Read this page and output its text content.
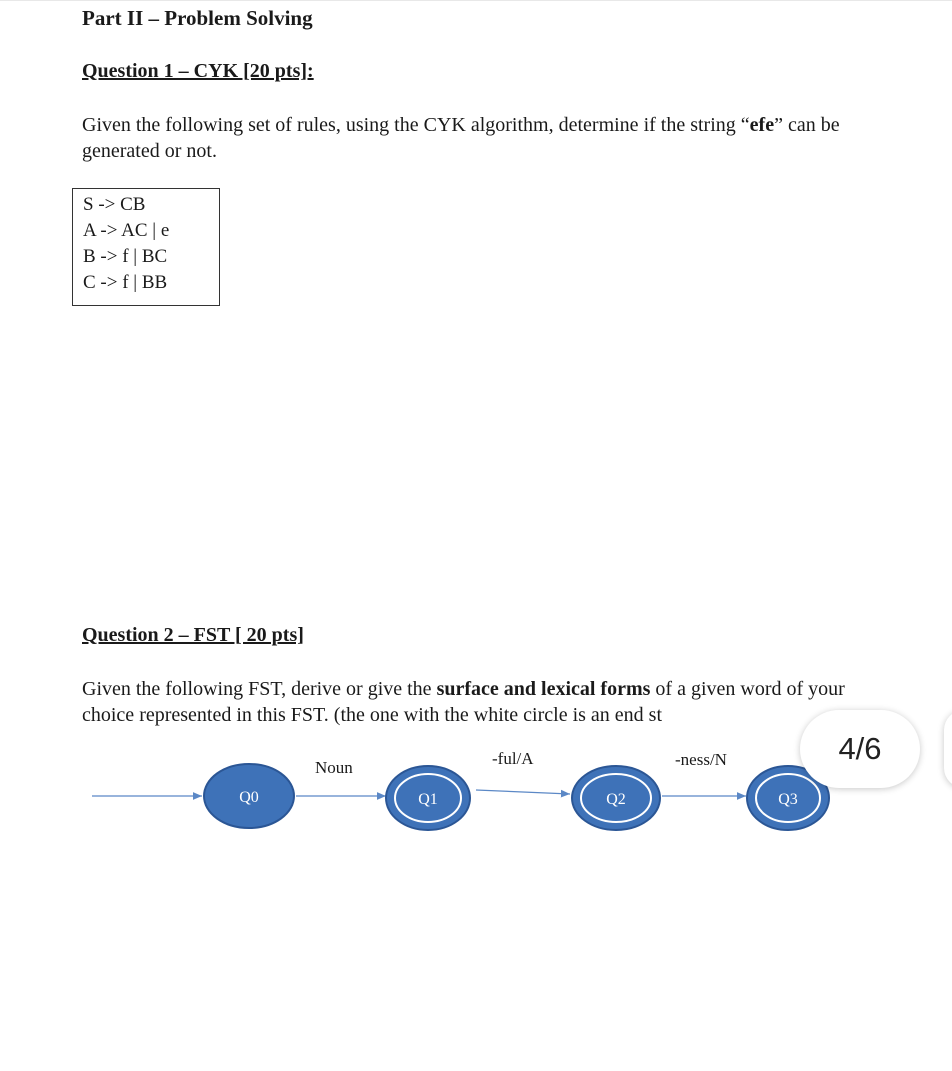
Part II – Problem Solving
Question 1 – CYK [20 pts]:
Given the following set of rules, using the CYK algorithm, determine if the string “efe” can be generated or not.
S -> CB
A -> AC | e
B -> f | BC
C -> f | BB
Question 2 – FST [ 20 pts]
Given the following FST, derive or give the surface and lexical forms of a given word of your choice represented in this FST. (the one with the white circle is an end st
Noun	-ful/A	-ness/N
Q0	Q1	Q2	Q3
4/6
